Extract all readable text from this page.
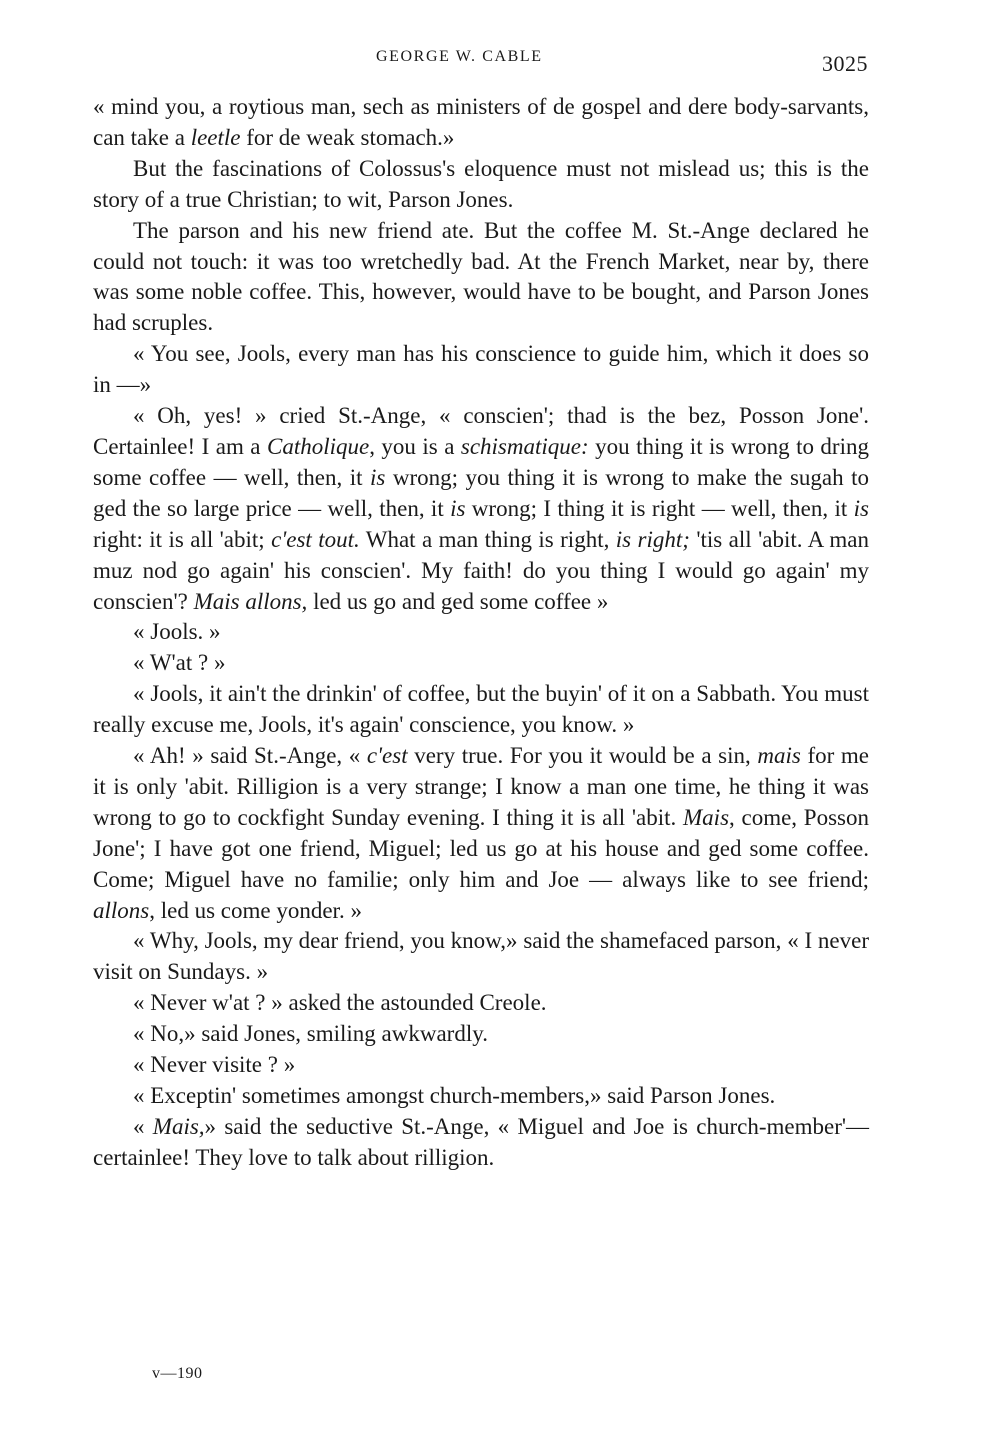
GEORGE W. CABLE	3025

« mind you, a roytious man, sech as ministers of de gospel and dere body-sarvants, can take a leetle for de weak stomach.»

But the fascinations of Colossus's eloquence must not mislead us; this is the story of a true Christian; to wit, Parson Jones.

The parson and his new friend ate. But the coffee M. St.-Ange declared he could not touch: it was too wretchedly bad. At the French Market, near by, there was some noble coffee. This, however, would have to be bought, and Parson Jones had scruples.

« You see, Jools, every man has his conscience to guide him, which it does so in —»

« Oh, yes! » cried St.-Ange, « conscien'; thad is the bez, Posson Jone'. Certainlee! I am a Catholique, you is a schismatique: you thing it is wrong to dring some coffee — well, then, it is wrong; you thing it is wrong to make the sugah to ged the so large price — well, then, it is wrong; I thing it is right — well, then, it is right: it is all 'abit; c'est tout. What a man thing is right, is right; 'tis all 'abit. A man muz nod go again' his conscien'. My faith! do you thing I would go again' my conscien'? Mais allons, led us go and ged some coffee »

« Jools. »

« W'at ? »

« Jools, it ain't the drinkin' of coffee, but the buyin' of it on a Sabbath. You must really excuse me, Jools, it's again' conscience, you know. »

« Ah! » said St.-Ange, « c'est very true. For you it would be a sin, mais for me it is only 'abit. Rilligion is a very strange; I know a man one time, he thing it was wrong to go to cockfight Sunday evening. I thing it is all 'abit. Mais, come, Posson Jone'; I have got one friend, Miguel; led us go at his house and ged some coffee. Come; Miguel have no familie; only him and Joe — always like to see friend; allons, led us come yonder. »

« Why, Jools, my dear friend, you know,» said the shamefaced parson, « I never visit on Sundays. »

« Never w'at ? » asked the astounded Creole.

« No,» said Jones, smiling awkwardly.

« Never visite ? »

« Exceptin' sometimes amongst church-members,» said Parson Jones.

« Mais,» said the seductive St.-Ange, « Miguel and Joe is church-member'— certainlee! They love to talk about rilligion.

v—190
